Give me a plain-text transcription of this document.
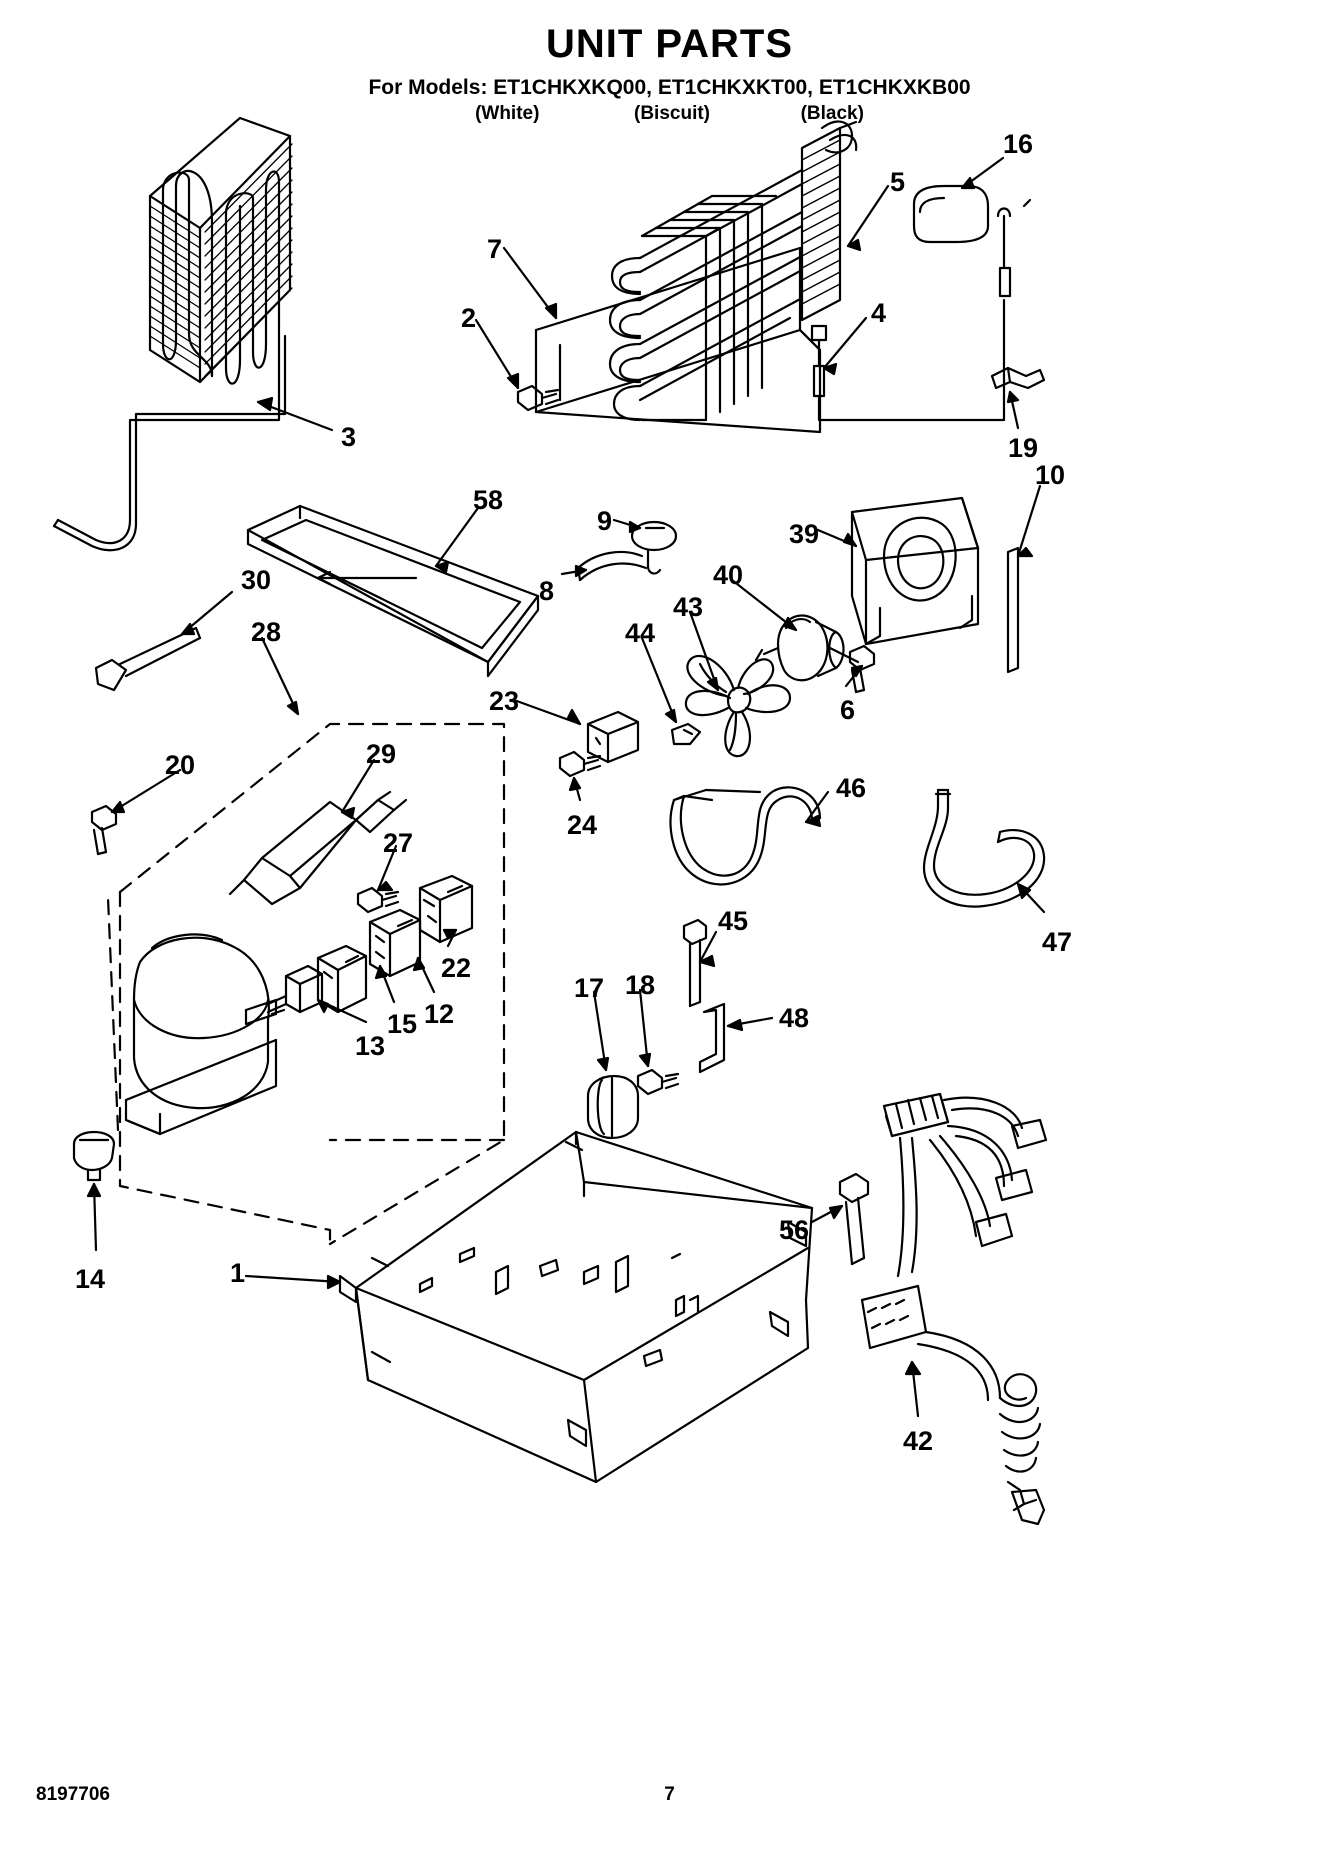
UNIT PARTS
For Models: ET1CHKXKQ00, ET1CHKXKT00, ET1CHKXKB00
(White)	(Biscuit)	(Black)
16
5
7
2	4
3	19
10
58
9	39
8
30	40
43
28	44
6
23
20	29
46
24
27
47
45
22
12
15
13
17 18
48
14	1
56
42
8197706	7
